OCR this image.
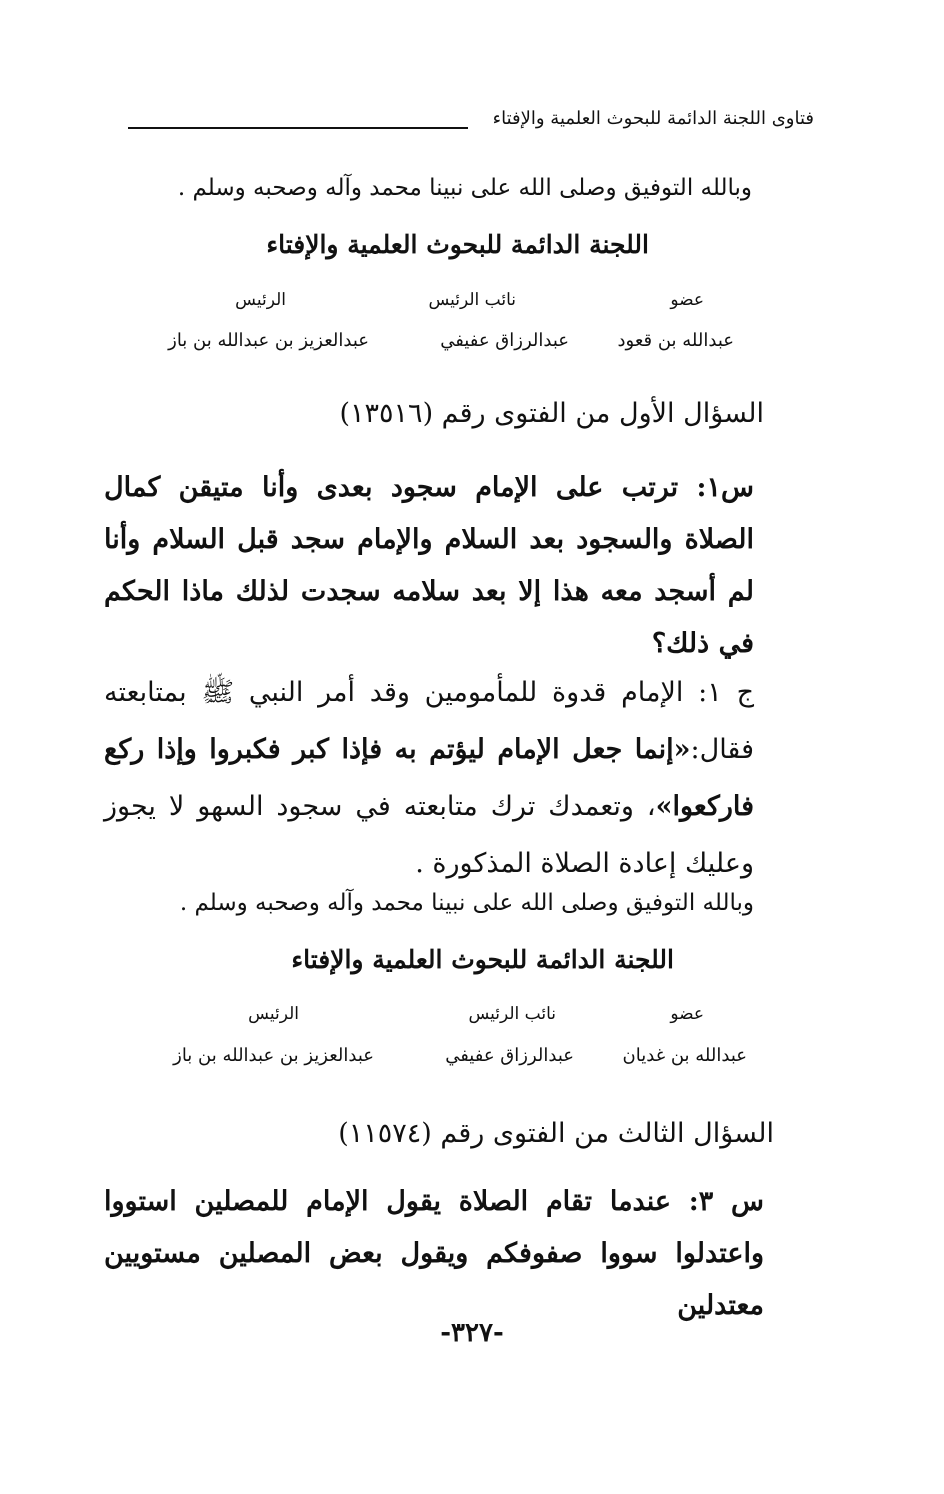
فتاوى اللجنة الدائمة للبحوث العلمية والإفتاء
وبالله التوفيق وصلى الله على نبينا محمد وآله وصحبه وسلم .
اللجنة الدائمة للبحوث العلمية والإفتاء
عضو
نائب الرئيس
الرئيس
عبدالله بن قعود
عبدالرزاق عفيفي
عبدالعزيز بن عبدالله بن باز
السؤال الأول من الفتوى رقم (١٣٥١٦)
س١: ترتب على الإمام سجود بعدى وأنا متيقن كمال الصلاة والسجود بعد السلام والإمام سجد قبل السلام وأنا لم أسجد معه هذا إلا بعد سلامه سجدت لذلك ماذا الحكم في ذلك؟
ج ١: الإمام قدوة للمأمومين وقد أمر النبي ﷺ بمتابعته فقال:«إنما جعل الإمام ليؤتم به فإذا كبر فكبروا وإذا ركع فاركعوا»، وتعمدك ترك متابعته في سجود السهو لا يجوز وعليك إعادة الصلاة المذكورة .
وبالله التوفيق وصلى الله على نبينا محمد وآله وصحبه وسلم .
اللجنة الدائمة للبحوث العلمية والإفتاء
عضو
نائب الرئيس
الرئيس
عبدالله بن غديان
عبدالرزاق عفيفي
عبدالعزيز بن عبدالله بن باز
السؤال الثالث من الفتوى رقم (١١٥٧٤)
س ٣: عندما تقام الصلاة يقول الإمام للمصلين استووا واعتدلوا سووا صفوفكم ويقول بعض المصلين مستويين معتدلين
-٣٢٧-
